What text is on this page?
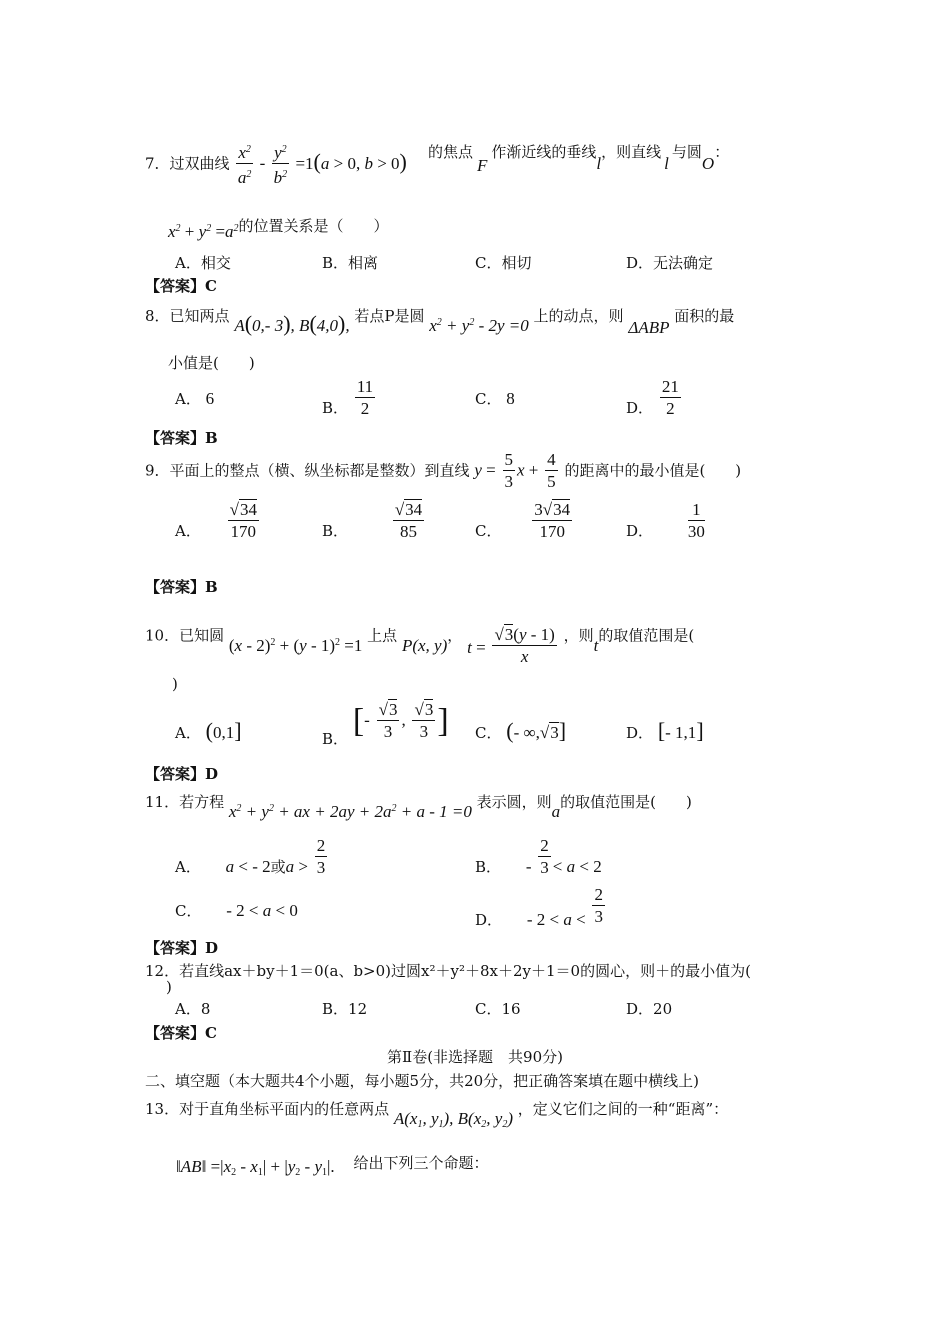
7．过双曲线 $\frac{x^2}{a^2} - \frac{y^2}{b^2} =1(a > 0$, b > 0) 的焦点F作渐近线的垂线l，则直线l与圆O：
$x^2 + y^2 =a^2$的位置关系是（　　）
A．相交	B．相离	C．相切	D．无法确定
【答案】C
8．已知两点 A(0,- 3), B(4,0), 若点P是圆 $x^2 + y^2 - 2y =0$ 上的动点，则 ΔABP 面积的最
小值是(　　)
A． 6	B． $\frac{11}{2}$	C． 8	D． $\frac{21}{2}$
【答案】B
9．平面上的整点（横、纵坐标都是整数）到直线 $y = \frac{5}{3}$ $x + \frac{4}{5}$ 的距离中的最小值是(　　)
A． $\frac{√34}{170}$	B．	$\frac{√34}{85}$	C． $\frac{3√34}{170}$	D． $\frac{1}{30}$
【答案】B
10．已知圆 (x - 2)$^2$ + (y - 1)$^2$ =1 上点 P(x, y)， $t = \frac{√3(y - 1)}{x}$ ，则t的取值范围是(
)
A． (0,1]	B． [- $\frac{√3}{3}$ , $\frac{√3}{3}$ ] C． (- ∞,√3]	D． [- 1,1]
【答案】D
11．若方程 $x^2 + y^2$ + ax + $2ay + 2a^2 + a - 1 =0$ 表示圆，则a的取值范围是(　　)
A． a < - 2或$a > \frac{2}{3}$	B． - $\frac{2}{3} < a < 2$
C． - 2 < a < 0	D． - $2 < a < \frac{2}{3}$
【答案】D
12．若直线ax＋by＋1＝0(a、b>0)过圆x²＋y²＋8x＋2y＋1＝0的圆心，则＋的最小值为(
)
A．8	B．12	C．16	D．20
【答案】C
第Ⅱ卷(非选择题　共90分)
二、填空题（本大题共4个小题，每小题5分，共20分，把正确答案填在题中横线上)
13．对于直角坐标平面内的任意两点 $A(x_1$, $y_1$), $B(x_2$, $y_2$) ，定义它们之间的一种“距离”：
‖AB‖ $=|x_2 - x_1| + |y_2 - y_1|$. 给出下列三个命题：
